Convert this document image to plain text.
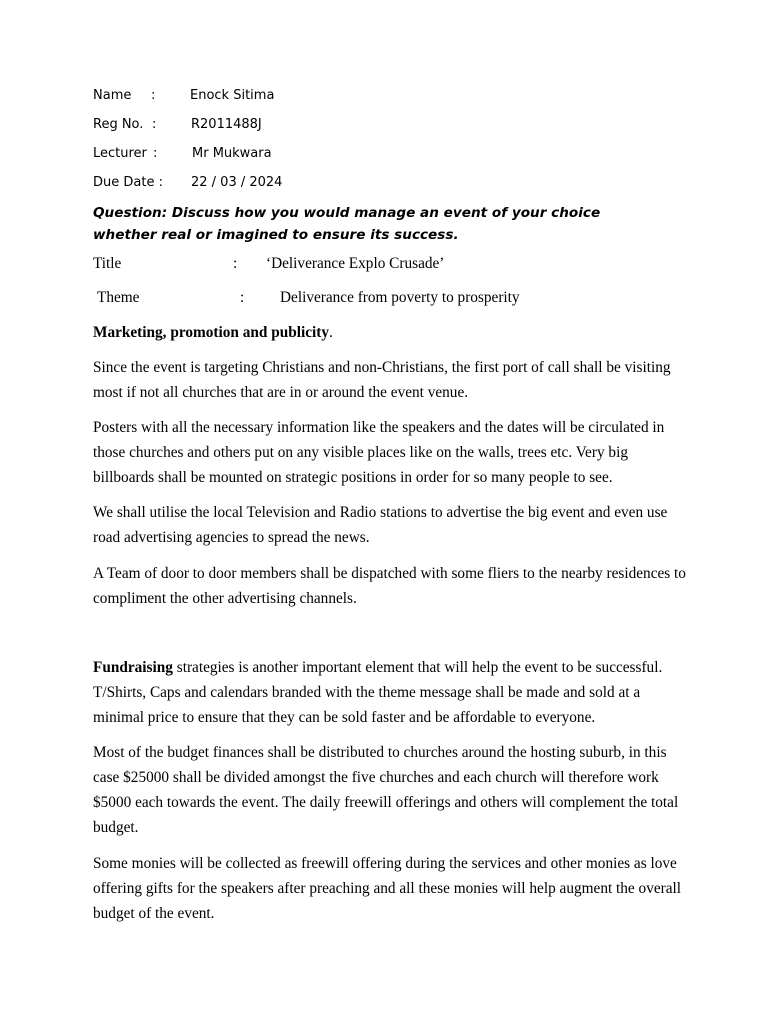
Name :	Enock Sitima
Reg No. :	R2011488J
Lecturer :	Mr Mukwara
Due Date : 22 / 03 / 2024
Question: Discuss how you would manage an event of your choice whether real or imagined to ensure its success.
Title	: ‘Deliverance Explo Crusade’
Theme	: Deliverance from poverty to prosperity
Marketing, promotion and publicity.

Since the event is targeting Christians and non-Christians, the first port of call shall be visiting most if not all churches that are in or around the event venue.

Posters with all the necessary information like the speakers and the dates will be circulated in those churches and others put on any visible places like on the walls, trees etc. Very big billboards shall be mounted on strategic positions in order for so many people to see.

We shall utilise the local Television and Radio stations to advertise the big event and even use road advertising agencies to spread the news.

A Team of door to door members shall be dispatched with some fliers to the nearby residences to compliment the other advertising channels.

Fundraising strategies is another important element that will help the event to be successful. T/Shirts, Caps and calendars branded with the theme message shall be made and sold at a minimal price to ensure that they can be sold faster and be affordable to everyone.

Most of the budget finances shall be distributed to churches around the hosting suburb, in this case $25000 shall be divided amongst the five churches and each church will therefore work $5000 each towards the event. The daily freewill offerings and others will complement the total budget.

Some monies will be collected as freewill offering during the services and other monies as love offering gifts for the speakers after preaching and all these monies will help augment the overall budget of the event.
